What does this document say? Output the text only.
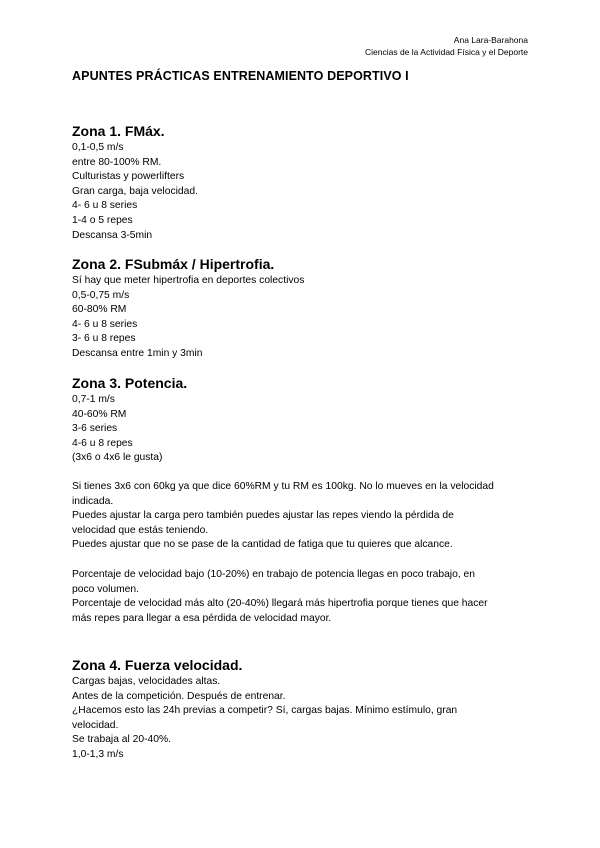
Ana Lara-Barahona
Ciencias de la Actividad Física y el Deporte
APUNTES PRÁCTICAS ENTRENAMIENTO DEPORTIVO I
Zona 1. FMáx.
0,1-0,5 m/s
entre 80-100% RM.
Culturistas y powerlifters
Gran carga, baja velocidad.
4- 6 u 8 series
1-4 o 5 repes
Descansa 3-5min
Zona 2. FSubmáx / Hipertrofia.
Sí hay que meter hipertrofia en deportes colectivos
0,5-0,75 m/s
60-80% RM
4- 6 u 8 series
3- 6 u 8 repes
Descansa entre 1min y 3min
Zona 3. Potencia.
0,7-1 m/s
40-60% RM
3-6 series
4-6 u 8 repes
(3x6 o 4x6 le gusta)
Si tienes 3x6 con 60kg ya que dice 60%RM y tu RM es 100kg. No lo mueves en la velocidad
indicada.
Puedes ajustar la carga pero también puedes ajustar las repes viendo la pérdida de
velocidad que estás teniendo.
Puedes ajustar que no se pase de la cantidad de fatiga que tu quieres que alcance.
Porcentaje de velocidad bajo (10-20%) en trabajo de potencia llegas en poco trabajo, en
poco volumen.
Porcentaje de velocidad más alto (20-40%) llegará más hipertrofia porque tienes que hacer
más repes para llegar a esa pérdida de velocidad mayor.
Zona 4. Fuerza velocidad.
Cargas bajas, velocidades altas.
Antes de la competición. Después de entrenar.
¿Hacemos esto las 24h previas a competir? Sí, cargas bajas. Mínimo estímulo, gran
velocidad.
Se trabaja al 20-40%.
1,0-1,3 m/s
